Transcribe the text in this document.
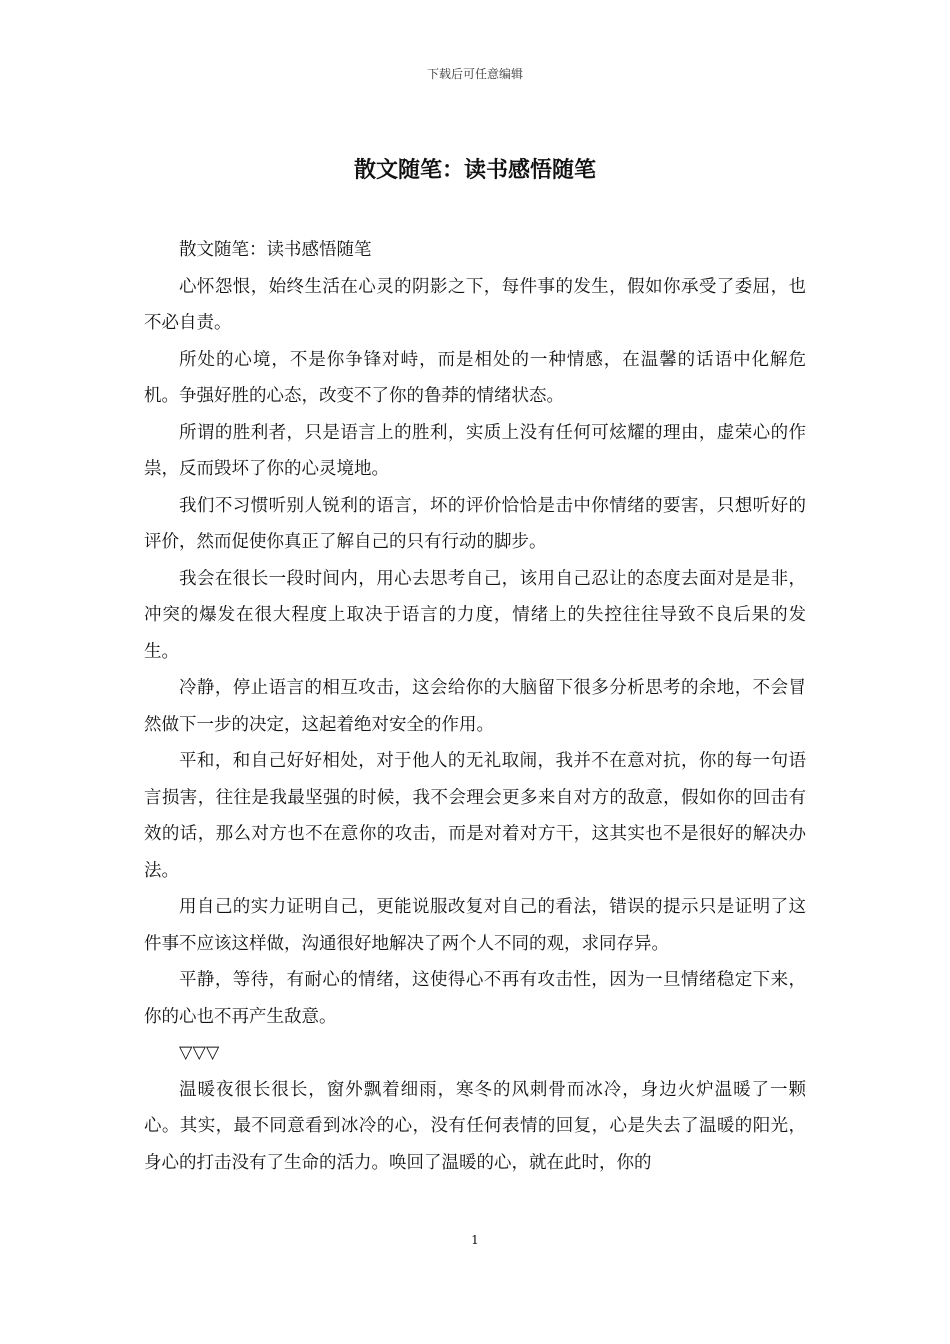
下载后可任意编辑
散文随笔：读书感悟随笔

散文随笔：读书感悟随笔

心怀怨恨，始终生活在心灵的阴影之下，每件事的发生，假如你承受了委屈，也不必自责。

所处的心境，不是你争锋对峙，而是相处的一种情感，在温馨的话语中化解危机。争强好胜的心态，改变不了你的鲁莽的情绪状态。

所谓的胜利者，只是语言上的胜利，实质上没有任何可炫耀的理由，虚荣心的作祟，反而毁坏了你的心灵境地。

我们不习惯听别人锐利的语言，坏的评价恰恰是击中你情绪的要害，只想听好的评价，然而促使你真正了解自己的只有行动的脚步。

我会在很长一段时间内，用心去思考自己，该用自己忍让的态度去面对是是非，冲突的爆发在很大程度上取决于语言的力度，情绪上的失控往往导致不良后果的发生。

冷静，停止语言的相互攻击，这会给你的大脑留下很多分析思考的余地，不会冒然做下一步的决定，这起着绝对安全的作用。

平和，和自己好好相处，对于他人的无礼取闹，我并不在意对抗，你的每一句语言损害，往往是我最坚强的时候，我不会理会更多来自对方的敌意，假如你的回击有效的话，那么对方也不在意你的攻击，而是对着对方干，这其实也不是很好的解决办法。

用自己的实力证明自己，更能说服改复对自己的看法，错误的提示只是证明了这件事不应该这样做，沟通很好地解决了两个人不同的观，求同存异。

平静，等待，有耐心的情绪，这使得心不再有攻击性，因为一旦情绪稳定下来，你的心也不再产生敌意。

▽▽▽

温暖夜很长很长，窗外飘着细雨，寒冬的风刺骨而冰冷，身边火炉温暖了一颗心。其实，最不同意看到冰冷的心，没有任何表情的回复，心是失去了温暖的阳光，身心的打击没有了生命的活力。唤回了温暖的心，就在此时，你的

1
